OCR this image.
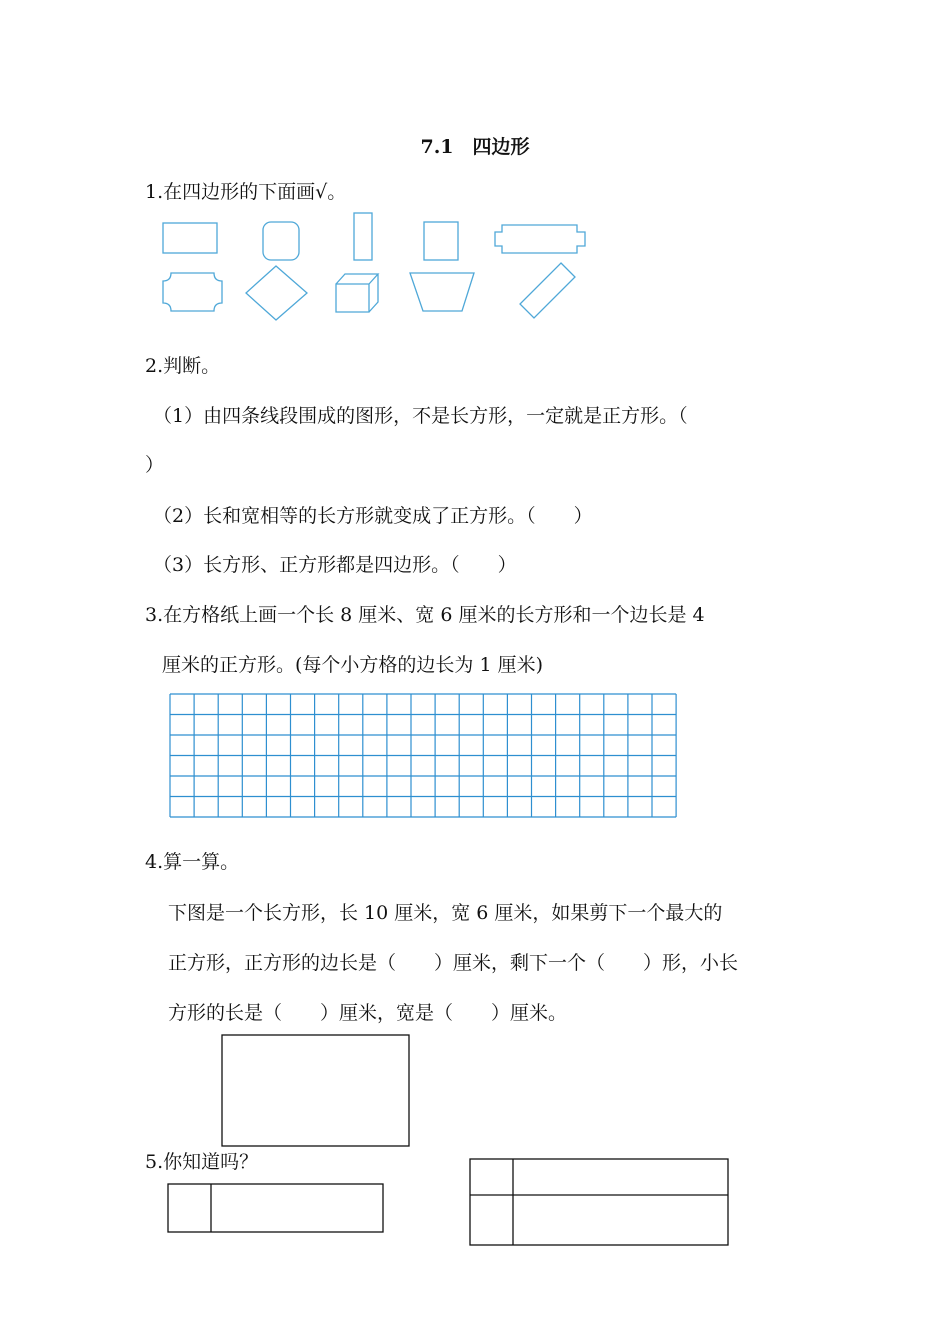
7.1　四边形
1.在四边形的下面画√。
2.判断。
（1）由四条线段围成的图形，不是长方形，一定就是正方形。（
）
（2）长和宽相等的长方形就变成了正方形。（　　）
（3）长方形、正方形都是四边形。（　　）
3.在方格纸上画一个长 8 厘米、宽 6 厘米的长方形和一个边长是 4
厘米的正方形。(每个小方格的边长为 1 厘米)
4.算一算。
下图是一个长方形，长 10 厘米，宽 6 厘米，如果剪下一个最大的
正方形，正方形的边长是（　　）厘米，剩下一个（　　）形，小长
方形的长是（　　）厘米，宽是（　　）厘米。
5.你知道吗？
